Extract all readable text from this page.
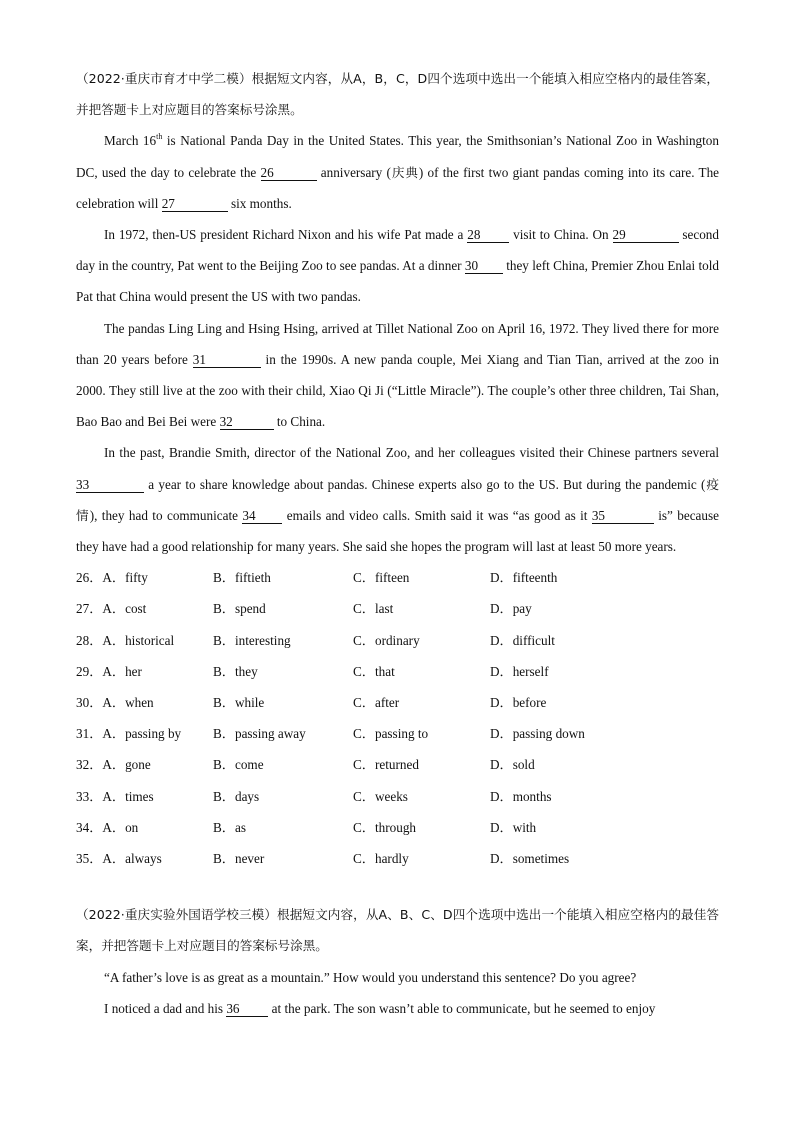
（2022·重庆市育才中学二模）根据短文内容，从A，B，C，D四个选项中选出一个能填入相应空格内的最佳答案，并把答题卡上对应题目的答案标号涂黑。

March 16th is National Panda Day in the United States. This year, the Smithsonian’s National Zoo in Washington DC, used the day to celebrate the 26	anniversary (庆典) of the first two giant pandas coming into its care. The celebration will 27	six months.

In 1972, then-US president Richard Nixon and his wife Pat made a 28 visit to China. On 29	second day in the country, Pat went to the Beijing Zoo to see pandas. At a dinner 30 they left China, Premier Zhou Enlai told Pat that China would present the US with two pandas.

The pandas Ling Ling and Hsing Hsing, arrived at Tillet National Zoo on April 16, 1972. They lived there for more than 20 years before 31	in the 1990s. A new panda couple, Mei Xiang and Tian Tian, arrived at the zoo in 2000. They still live at the zoo with their child, Xiao Qi Ji (“Little Miracle”). The couple’s other three children, Tai Shan, Bao Bao and Bei Bei were 32	to China.

In the past, Brandie Smith, director of the National Zoo, and her colleagues visited their Chinese partners several 33	a year to share knowledge about pandas. Chinese experts also go to the US. But during the pandemic (疫情), they had to communicate 34 emails and video calls. Smith said it was “as good as it 35	is” because they have had a good relationship for many years. She said she hopes the program will last at least 50 more years.

26．A．fifty	B．fiftieth	C．fifteen	D．fifteenth
27．A．cost	B．spend	C．last	D．pay
28．A．historical	B．interesting	C．ordinary	D．difficult
29．A．her	B．they	C．that	D．herself
30．A．when	B．while	C．after	D．before
31．A．passing by B．passing away	C．passing to	D．passing down
32．A．gone	B．come	C．returned	D．sold
33．A．times	B．days	C．weeks	D．months
34．A．on	B．as	C．through	D．with
35．A．always	B．never	C．hardly	D．sometimes

（2022·重庆实验外国语学校三模）根据短文内容，从A、B、C、D四个选项中选出一个能填入相应空格内的最佳答案，并把答题卡上对应题目的答案标号涂黑。

“A father’s love is as great as a mountain.” How would you understand this sentence? Do you agree?

I noticed a dad and his 36 at the park. The son wasn’t able to communicate, but he seemed to enjoy
